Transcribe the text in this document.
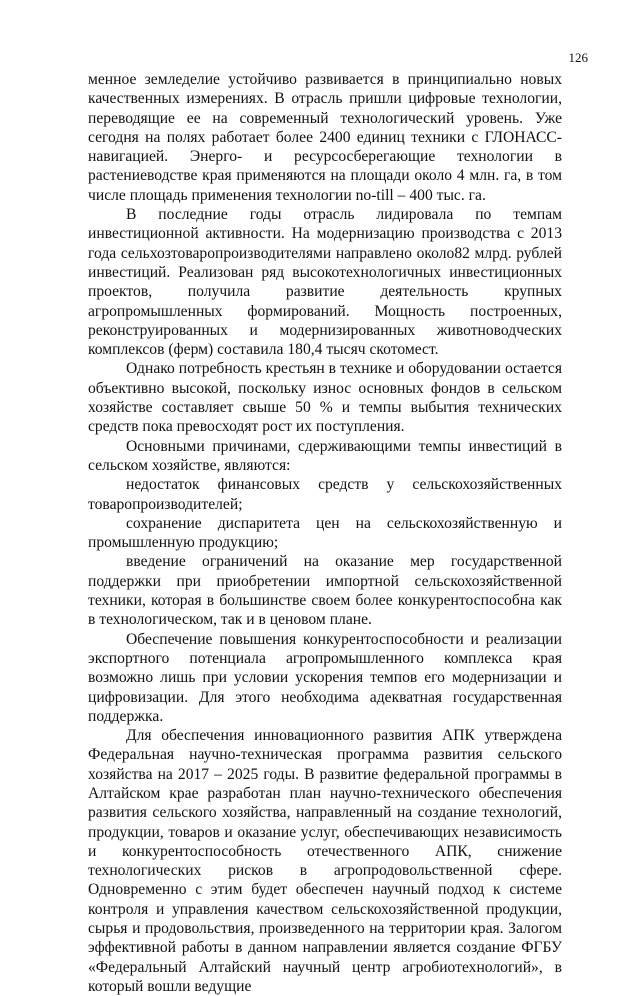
126

менное земледелие устойчиво развивается в принципиально новых качественных измерениях. В отрасль пришли цифровые технологии, переводящие ее на современный технологический уровень. Уже сегодня на полях работает более 2400 единиц техники с ГЛОНАСС-навигацией. Энерго- и ресурсосберегающие технологии в растениеводстве края применяются на площади около 4 млн. га, в том числе площадь применения технологии no-till – 400 тыс. га.

В последние годы отрасль лидировала по темпам инвестиционной активности. На модернизацию производства с 2013 года сельхозтоваропроизводителями направлено около82 млрд. рублей инвестиций. Реализован ряд высокотехнологичных инвестиционных проектов, получила развитие деятельность крупных агропромышленных формирований. Мощность построенных, реконструированных и модернизированных животноводческих комплексов (ферм) составила 180,4 тысяч скотомест.

Однако потребность крестьян в технике и оборудовании остается объективно высокой, поскольку износ основных фондов в сельском хозяйстве составляет свыше 50 % и темпы выбытия технических средств пока превосходят рост их поступления.

Основными причинами, сдерживающими темпы инвестиций в сельском хозяйстве, являются:

недостаток финансовых средств у сельскохозяйственных товаропроизводителей;

сохранение диспаритета цен на сельскохозяйственную и промышленную продукцию;

введение ограничений на оказание мер государственной поддержки при приобретении импортной сельскохозяйственной техники, которая в большинстве своем более конкурентоспособна как в технологическом, так и в ценовом плане.

Обеспечение повышения конкурентоспособности и реализации экспортного потенциала агропромышленного комплекса края возможно лишь при условии ускорения темпов его модернизации и цифровизации. Для этого необходима адекватная государственная поддержка.

Для обеспечения инновационного развития АПК утверждена Федеральная научно-техническая программа развития сельского хозяйства на 2017 – 2025 годы. В развитие федеральной программы в Алтайском крае разработан план научно-технического обеспечения развития сельского хозяйства, направленный на создание технологий, продукции, товаров и оказание услуг, обеспечивающих независимость и конкурентоспособность отечественного АПК, снижение технологических рисков в агропродовольственной сфере. Одновременно с этим будет обеспечен научный подход к системе контроля и управления качеством сельскохозяйственной продукции, сырья и продовольствия, произведенного на территории края. Залогом эффективной работы в данном направлении является создание ФГБУ «Федеральный Алтайский научный центр агробиотехнологий», в который вошли ведущие
